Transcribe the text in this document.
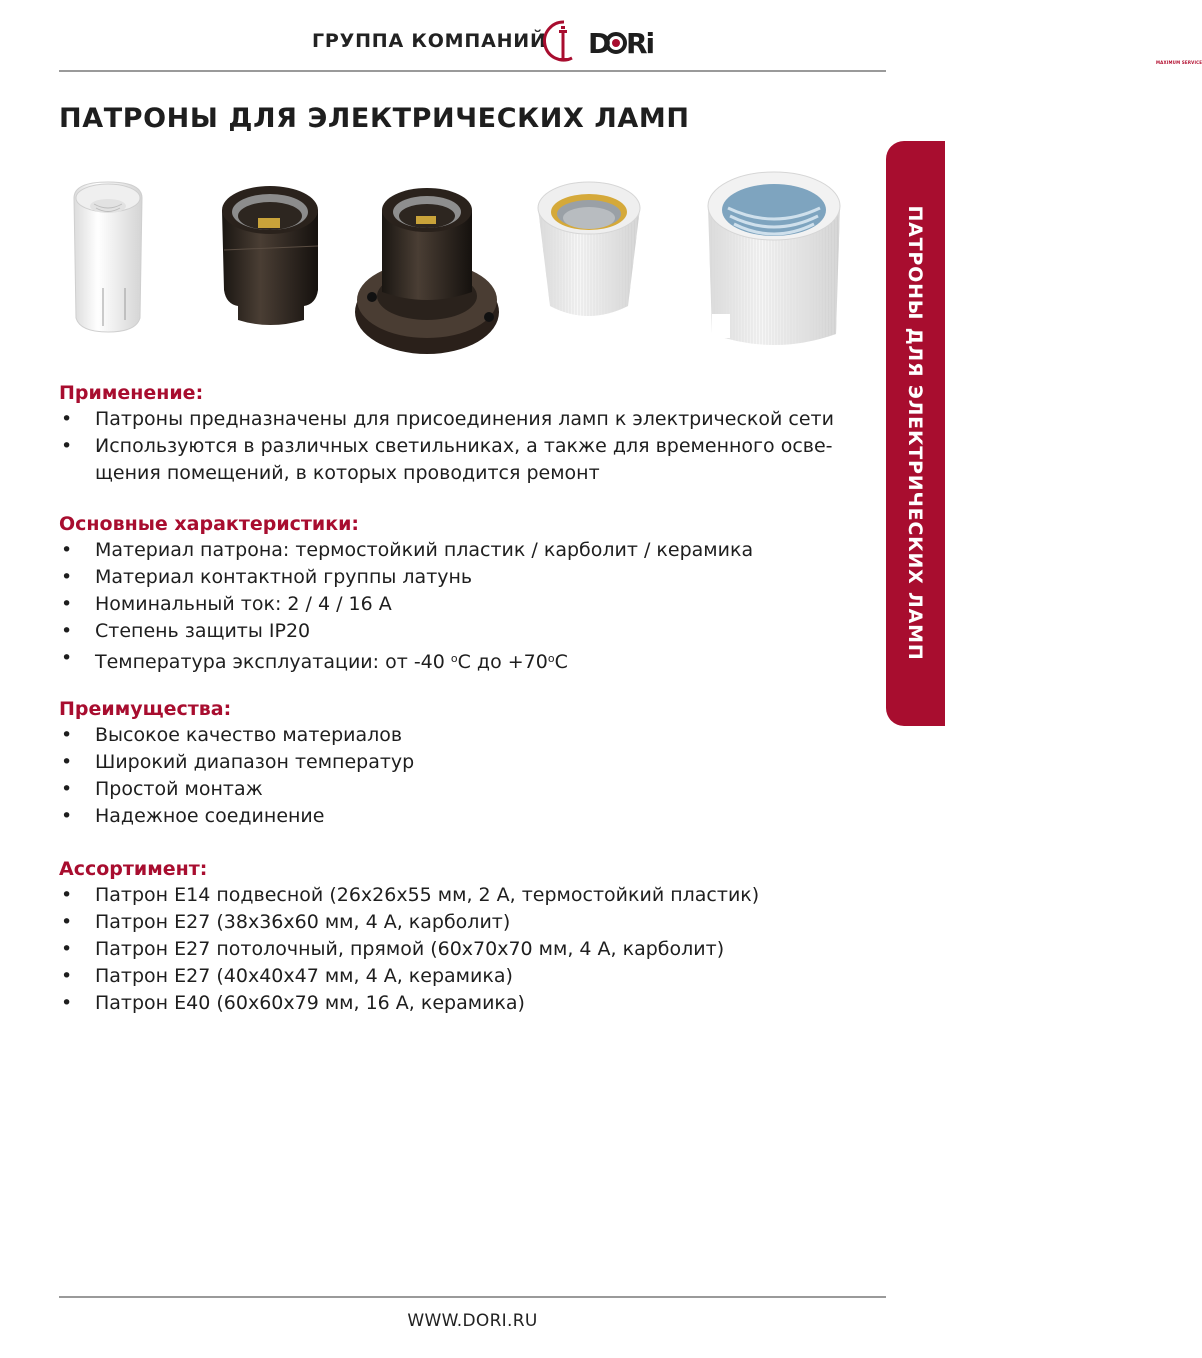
ГРУППА КОМПАНИЙ D Ri
MAXIMUM SERVICE
ПАТРОНЫ ДЛЯ ЭЛЕКТРИЧЕСКИХ ЛАМП
ПАТРОНЫ ДЛЯ ЭЛЕКТРИЧЕСКИХ ЛАМП
Применение:
• Патроны предназначены для присоединения ламп к электрической сети
• Используются в различных светильниках, а также для временного осве-
щения помещений, в которых проводится ремонт
Основные характеристики:
• Материал патрона: термостойкий пластик / карболит / керамика
• Материал контактной группы латунь
• Номинальный ток: 2 / 4 / 16 А
• Степень защиты IP20
• Температура эксплуатации: от -40 $^o$С до $+70^oС$
Преимущества:
• Высокое качество материалов
• Широкий диапазон температур
• Простой монтаж
• Надежное соединение
Ассортимент:
• Патрон Е14 подвесной (26x26x55 мм, 2 А, термостойкий пластик)
• Патрон Е27 (38x36x60 мм, 4 А, карболит)
• Патрон Е27 потолочный, прямой (60x70x70 мм, 4 А, карболит)
• Патрон Е27 (40x40x47 мм, 4 А, керамика)
• Патрон Е40 (60x60x79 мм, 16 А, керамика)
WWW.DORI.RU
